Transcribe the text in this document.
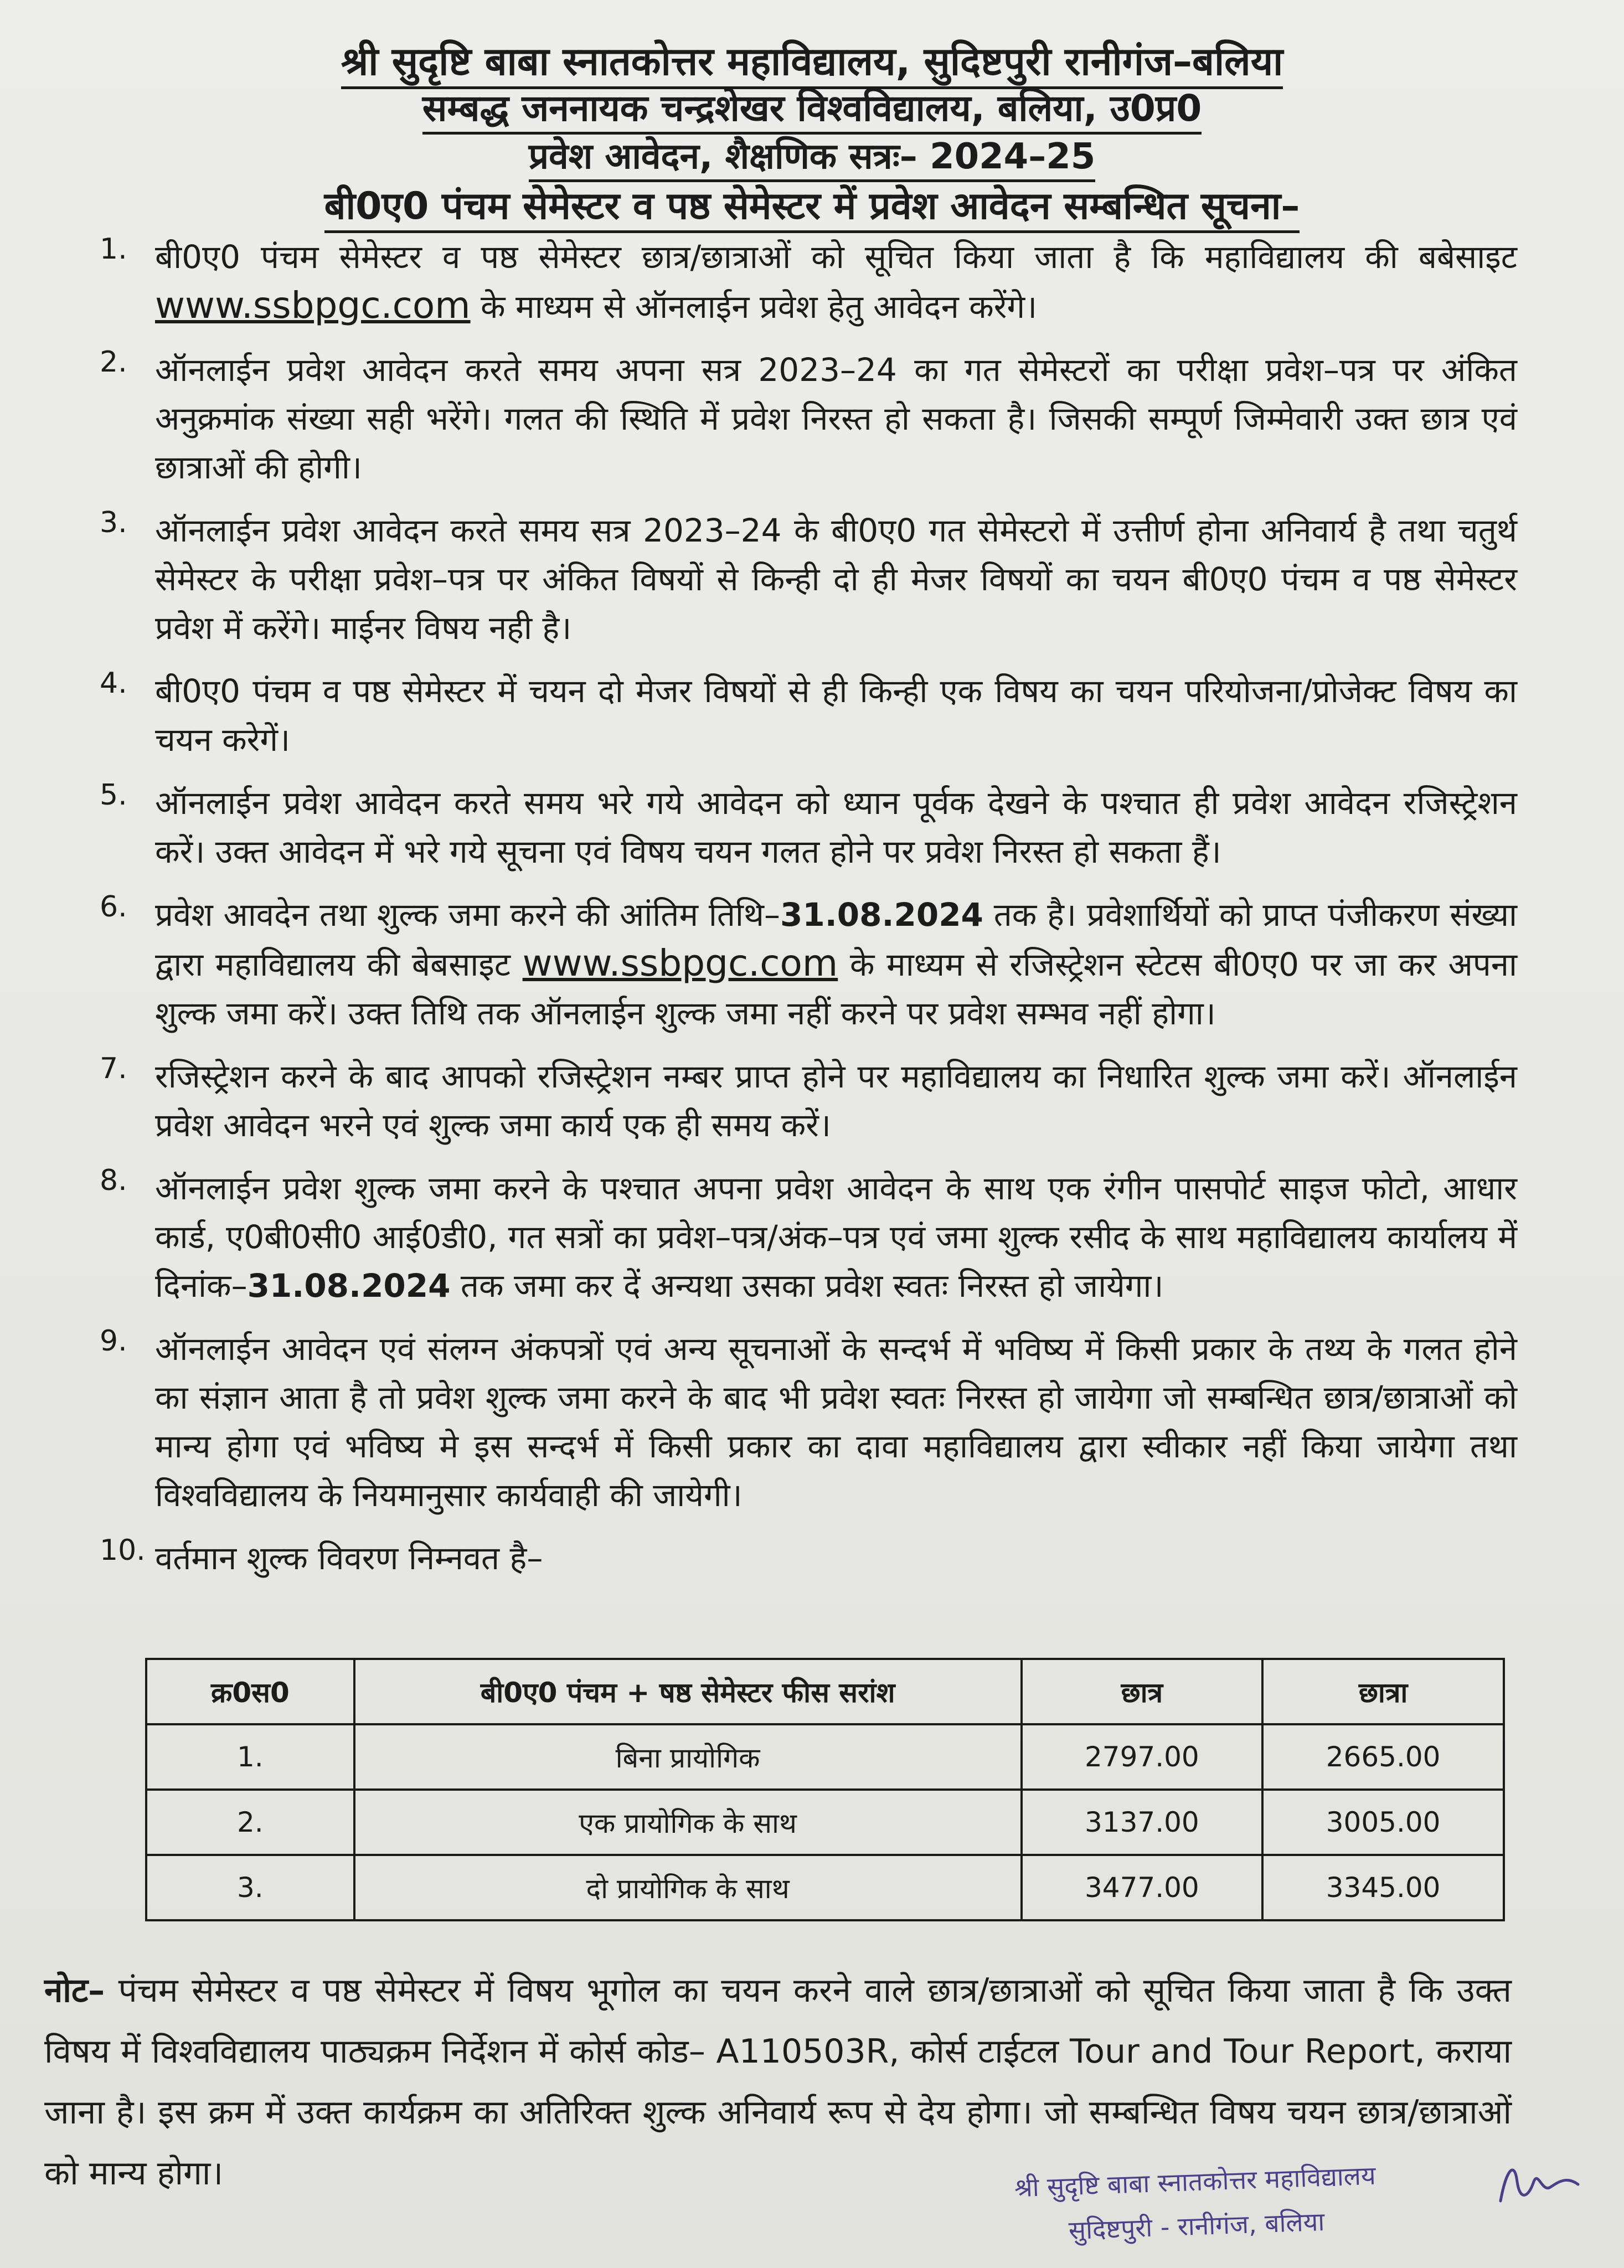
श्री सुदृष्टि बाबा स्नातकोत्तर महाविद्यालय, सुदिष्टपुरी रानीगंज–बलिया
सम्बद्ध जननायक चन्द्रशेखर विश्वविद्यालय, बलिया, उ0प्र0
प्रवेश आवेदन, शैक्षणिक सत्रः– 2024–25
बी0ए0 पंचम सेमेस्टर व पष्ठ सेमेस्टर में प्रवेश आवेदन सम्बन्धित सूचना–
1. बी0ए0 पंचम सेमेस्टर व पष्ठ सेमेस्टर छात्र/छात्राओं को सूचित किया जाता है कि महाविद्यालय की बबेसाइट www.ssbpgc.com के माध्यम से ऑनलाईन प्रवेश हेतु आवेदन करेंगे।
2. ऑनलाईन प्रवेश आवेदन करते समय अपना सत्र 2023–24 का गत सेमेस्टरों का परीक्षा प्रवेश–पत्र पर अंकित अनुक्रमांक संख्या सही भरेंगे। गलत की स्थिति में प्रवेश निरस्त हो सकता है। जिसकी सम्पूर्ण जिम्मेवारी उक्त छात्र एवं छात्राओं की होगी।
3. ऑनलाईन प्रवेश आवेदन करते समय सत्र 2023–24 के बी0ए0 गत सेमेस्टरो में उत्तीर्ण होना अनिवार्य है तथा चतुर्थ सेमेस्टर के परीक्षा प्रवेश–पत्र पर अंकित विषयों से किन्ही दो ही मेजर विषयों का चयन बी0ए0 पंचम व पष्ठ सेमेस्टर प्रवेश में करेंगे। माईनर विषय नही है।
4. बी0ए0 पंचम व पष्ठ सेमेस्टर में चयन दो मेजर विषयों से ही किन्ही एक विषय का चयन परियोजना/प्रोजेक्ट विषय का चयन करेगें।
5. ऑनलाईन प्रवेश आवेदन करते समय भरे गये आवेदन को ध्यान पूर्वक देखने के पश्चात ही प्रवेश आवेदन रजिस्ट्रेशन करें। उक्त आवेदन में भरे गये सूचना एवं विषय चयन गलत होने पर प्रवेश निरस्त हो सकता हैं।
6. प्रवेश आवदेन तथा शुल्क जमा करने की आंतिम तिथि–31.08.2024 तक है। प्रवेशार्थियों को प्राप्त पंजीकरण संख्या द्वारा महाविद्यालय की बेबसाइट www.ssbpgc.com के माध्यम से रजिस्ट्रेशन स्टेटस बी0ए0 पर जा कर अपना शुल्क जमा करें। उक्त तिथि तक ऑनलाईन शुल्क जमा नहीं करने पर प्रवेश सम्भव नहीं होगा।
7. रजिस्ट्रेशन करने के बाद आपको रजिस्ट्रेशन नम्बर प्राप्त होने पर महाविद्यालय का निधारित शुल्क जमा करें। ऑनलाईन प्रवेश आवेदन भरने एवं शुल्क जमा कार्य एक ही समय करें।
8. ऑनलाईन प्रवेश शुल्क जमा करने के पश्चात अपना प्रवेश आवेदन के साथ एक रंगीन पासपोर्ट साइज फोटो, आधार कार्ड, ए0बी0सी0 आई0डी0, गत सत्रों का प्रवेश–पत्र/अंक–पत्र एवं जमा शुल्क रसीद के साथ महाविद्यालय कार्यालय में दिनांक–31.08.2024 तक जमा कर दें अन्यथा उसका प्रवेश स्वतः निरस्त हो जायेगा।
9. ऑनलाईन आवेदन एवं संलग्न अंकपत्रों एवं अन्य सूचनाओं के सन्दर्भ में भविष्य में किसी प्रकार के तथ्य के गलत होने का संज्ञान आता है तो प्रवेश शुल्क जमा करने के बाद भी प्रवेश स्वतः निरस्त हो जायेगा जो सम्बन्धित छात्र/छात्राओं को मान्य होगा एवं भविष्य मे इस सन्दर्भ में किसी प्रकार का दावा महाविद्यालय द्वारा स्वीकार नहीं किया जायेगा तथा विश्वविद्यालय के नियमानुसार कार्यवाही की जायेगी।
10. वर्तमान शुल्क विवरण निम्नवत है–
क्र0स0	बी0ए0 पंचम + षष्ठ सेमेस्टर फीस सरांश	छात्र	छात्रा
1.	बिना प्रायोगिक	2797.00	2665.00
2.	एक प्रायोगिक के साथ	3137.00	3005.00
3.	दो प्रायोगिक के साथ	3477.00	3345.00
नोट– पंचम सेमेस्टर व पष्ठ सेमेस्टर में विषय भूगोल का चयन करने वाले छात्र/छात्राओं को सूचित किया जाता है कि उक्त विषय में विश्वविद्यालय पाठ्यक्रम निर्देशन में कोर्स कोड– A110503R, कोर्स टाईटल Tour and Tour Report, कराया जाना है। इस क्रम में उक्त कार्यक्रम का अतिरिक्त शुल्क अनिवार्य रूप से देय होगा। जो सम्बन्धित विषय चयन छात्र/छात्राओं को मान्य होगा।	श्री सुदृष्टि बाबा स्नातकोत्तर महाविद्यालय
सुदिष्टपुरी - रानीगंज, बलिया
